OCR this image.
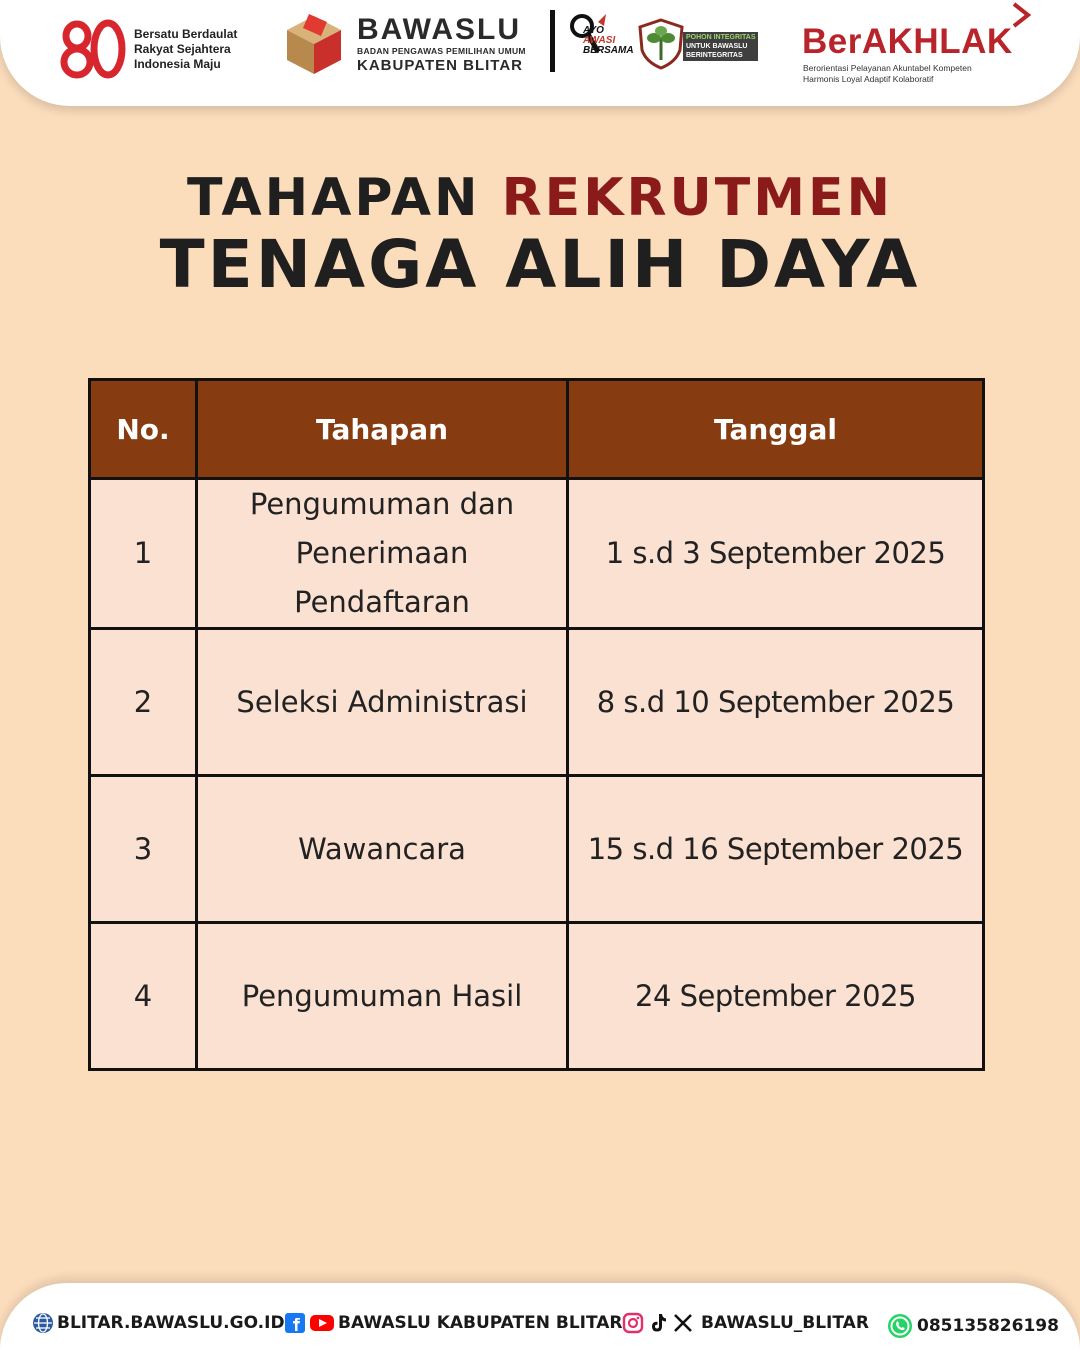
Bersatu Berdaulat
Rakyat Sejahtera
Indonesia Maju
BAWASLU
BADAN PENGAWAS PEMILIHAN UMUM
KABUPATEN BLITAR
AYO
AWASI
BERSAMA
POHON INTEGRITAS
UNTUK BAWASLU
BERINTEGRITAS	BerAKHLAK
Berorientasi Pelayanan Akuntabel Kompeten
Harmonis Loyal Adaptif Kolaboratif
TAHAPAN REKRUTMEN
TENAGA ALIH DAYA
No.	Tahapan	Tanggal
1	Pengumuman dan Penerimaan Pendaftaran	1 s.d 3 September 2025
2	Seleksi Administrasi	8 s.d 10 September 2025
3	Wawancara	15 s.d 16 September 2025
4	Pengumuman Hasil	24 September 2025
BLITAR.BAWASLU.GO.ID	BAWASLU KABUPATEN BLITAR	BAWASLU_BLITAR	085135826198
